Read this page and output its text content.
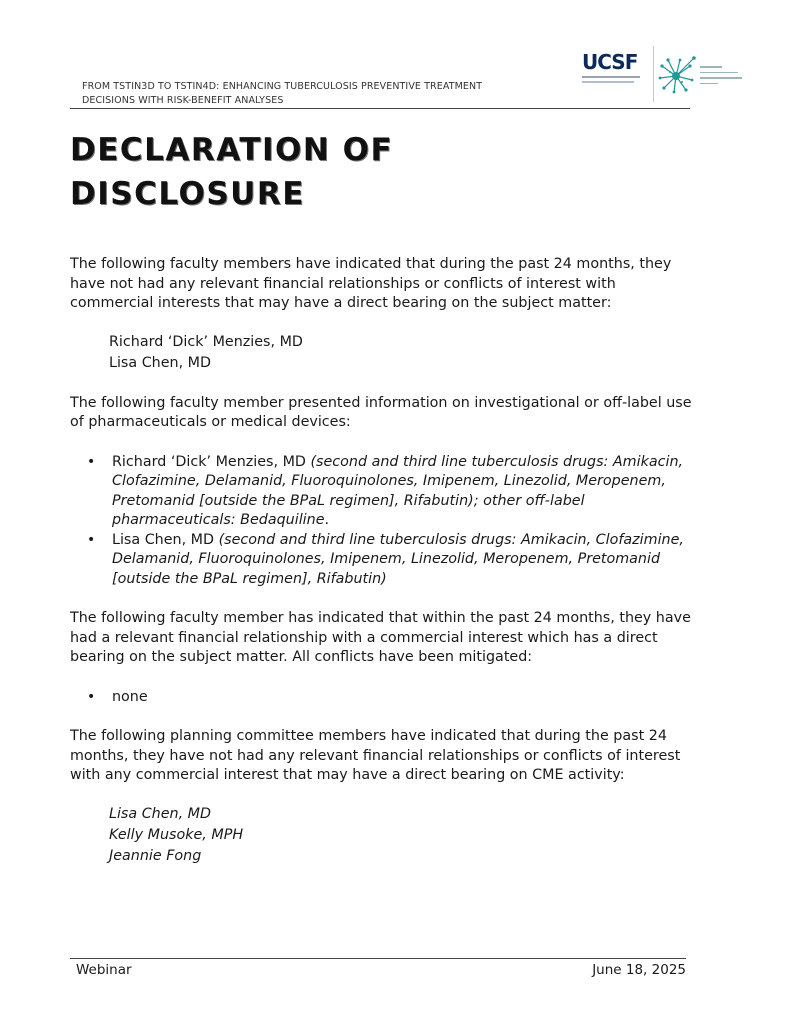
FROM TSTIN3D TO TSTIN4D: ENHANCING TUBERCULOSIS PREVENTIVE TREATMENT
DECISIONS WITH RISK-BENEFIT ANALYSES
UCSF
DECLARATION OF
DISCLOSURE

The following faculty members have indicated that during the past 24 months, they have not had any relevant financial relationships or conflicts of interest with commercial interests that may have a direct bearing on the subject matter:

Richard ‘Dick’ Menzies, MD
Lisa Chen, MD

The following faculty member presented information on investigational or off-label use of pharmaceuticals or medical devices:

• Richard ‘Dick’ Menzies, MD (second and third line tuberculosis drugs: Amikacin, Clofazimine, Delamanid, Fluoroquinolones, Imipenem, Linezolid, Meropenem, Pretomanid [outside the BPaL regimen], Rifabutin); other off-label pharmaceuticals: Bedaquiline.
• Lisa Chen, MD (second and third line tuberculosis drugs: Amikacin, Clofazimine, Delamanid, Fluoroquinolones, Imipenem, Linezolid, Meropenem, Pretomanid [outside the BPaL regimen], Rifabutin)

The following faculty member has indicated that within the past 24 months, they have had a relevant financial relationship with a commercial interest which has a direct bearing on the subject matter. All conflicts have been mitigated:

• none

The following planning committee members have indicated that during the past 24 months, they have not had any relevant financial relationships or conflicts of interest with any commercial interest that may have a direct bearing on CME activity:

Lisa Chen, MD
Kelly Musoke, MPH
Jeannie Fong
Webinar	June 18, 2025
